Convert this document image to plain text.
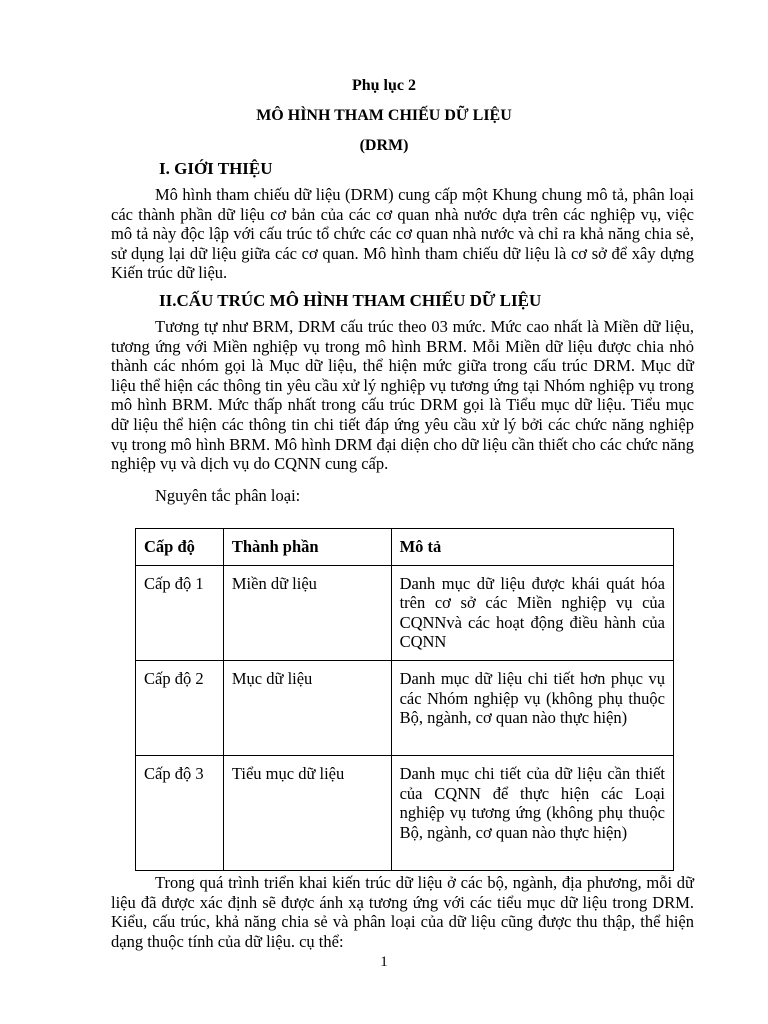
Phụ lục 2
MÔ HÌNH THAM CHIẾU DỮ LIỆU
(DRM)
I. GIỚI THIỆU
Mô hình tham chiếu dữ liệu (DRM) cung cấp một Khung chung mô tả, phân loại các thành phần dữ liệu cơ bản của các cơ quan nhà nước dựa trên các nghiệp vụ, việc mô tả này độc lập với cấu trúc tổ chức các cơ quan nhà nước và chỉ ra khả năng chia sẻ, sử dụng lại dữ liệu giữa các cơ quan. Mô hình tham chiếu dữ liệu là cơ sở để xây dựng Kiến trúc dữ liệu.
II.CẤU TRÚC MÔ HÌNH THAM CHIẾU DỮ LIỆU
Tương tự như BRM, DRM cấu trúc theo 03 mức. Mức cao nhất là Miền dữ liệu, tương ứng với Miền nghiệp vụ trong mô hình BRM. Mỗi Miền dữ liệu được chia nhỏ thành các nhóm gọi là Mục dữ liệu, thể hiện mức giữa trong cấu trúc DRM. Mục dữ liệu thể hiện các thông tin yêu cầu xử lý nghiệp vụ tương ứng tại Nhóm nghiệp vụ trong mô hình BRM. Mức thấp nhất trong cấu trúc DRM gọi là Tiểu mục dữ liệu. Tiểu mục dữ liệu thể hiện các thông tin chi tiết đáp ứng yêu cầu xử lý bởi các chức năng nghiệp vụ trong mô hình BRM. Mô hình DRM đại diện cho dữ liệu cần thiết cho các chức năng nghiệp vụ và dịch vụ do CQNN cung cấp.
Nguyên tắc phân loại:
Cấp độ	Thành phần	Mô tả
Cấp độ 1	Miền dữ liệu	Danh mục dữ liệu được khái quát hóa trên cơ sở các Miền nghiệp vụ của CQNNvà các hoạt động điều hành của CQNN
Cấp độ 2	Mục dữ liệu	Danh mục dữ liệu chi tiết hơn phục vụ các Nhóm nghiệp vụ (không phụ thuộc Bộ, ngành, cơ quan nào thực hiện)
Cấp độ 3	Tiểu mục dữ liệu	Danh mục chi tiết của dữ liệu cần thiết của CQNN để thực hiện các Loại nghiệp vụ tương ứng (không phụ thuộc Bộ, ngành, cơ quan nào thực hiện)
Trong quá trình triển khai kiến trúc dữ liệu ở các bộ, ngành, địa phương, mỗi dữ liệu đã được xác định sẽ được ánh xạ tương ứng với các tiểu mục dữ liệu trong DRM. Kiểu, cấu trúc, khả năng chia sẻ và phân loại của dữ liệu cũng được thu thập, thể hiện dạng thuộc tính của dữ liệu. cụ thể:
1
